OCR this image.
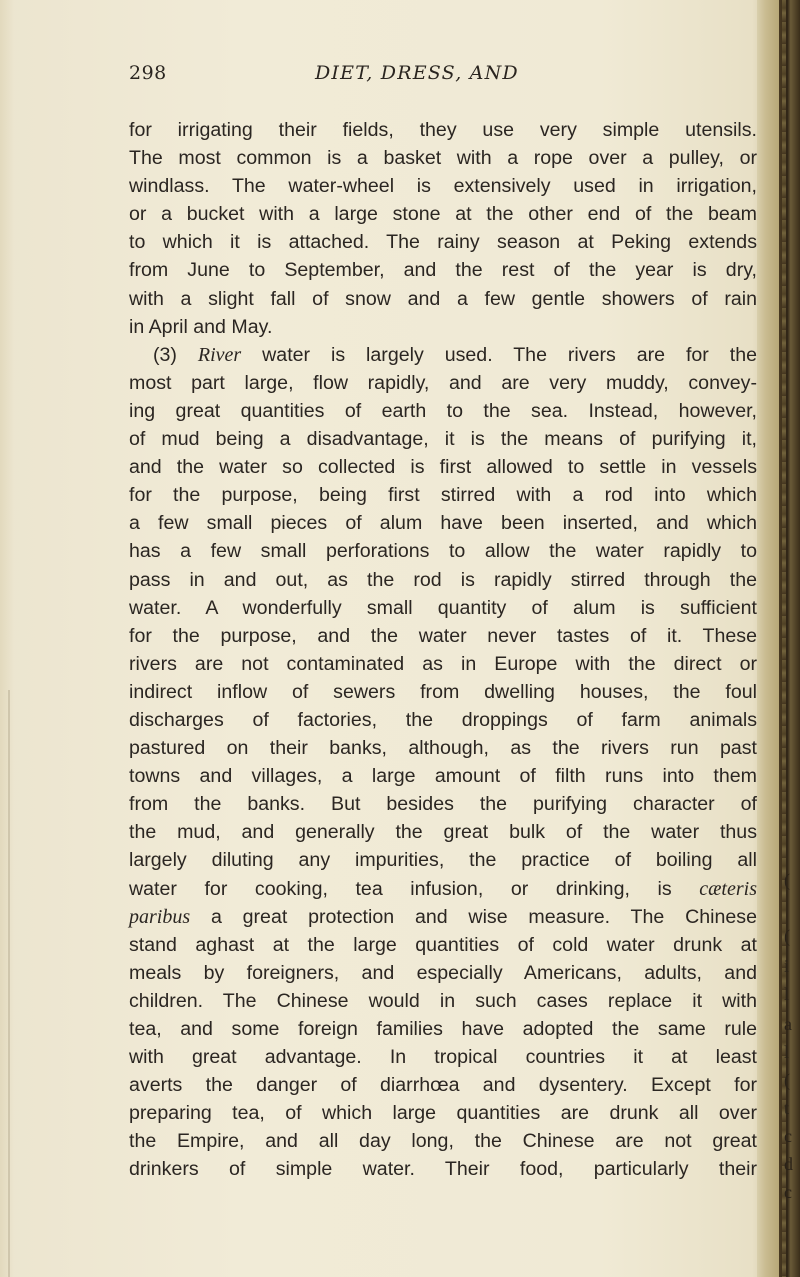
(
(
i
l
a
l
(
t
c
d
c
298	DIET, DRESS, AND
for irrigating their fields, they use very simple utensils.
The most common is a basket with a rope over a pulley, or
windlass. The water-wheel is extensively used in irrigation,
or a bucket with a large stone at the other end of the beam
to which it is attached. The rainy season at Peking extends
from June to September, and the rest of the year is dry,
with a slight fall of snow and a few gentle showers of rain
in April and May.
(3) River water is largely used. The rivers are for the
most part large, flow rapidly, and are very muddy, convey-
ing great quantities of earth to the sea. Instead, however,
of mud being a disadvantage, it is the means of purifying it,
and the water so collected is first allowed to settle in vessels
for the purpose, being first stirred with a rod into which
a few small pieces of alum have been inserted, and which
has a few small perforations to allow the water rapidly to
pass in and out, as the rod is rapidly stirred through the
water. A wonderfully small quantity of alum is sufficient
for the purpose, and the water never tastes of it. These
rivers are not contaminated as in Europe with the direct or
indirect inflow of sewers from dwelling houses, the foul
discharges of factories, the droppings of farm animals
pastured on their banks, although, as the rivers run past
towns and villages, a large amount of filth runs into them
from the banks. But besides the purifying character of
the mud, and generally the great bulk of the water thus
largely diluting any impurities, the practice of boiling all
water for cooking, tea infusion, or drinking, is cæteris
paribus a great protection and wise measure. The Chinese
stand aghast at the large quantities of cold water drunk at
meals by foreigners, and especially Americans, adults, and
children. The Chinese would in such cases replace it with
tea, and some foreign families have adopted the same rule
with great advantage. In tropical countries it at least
averts the danger of diarrhœa and dysentery. Except for
preparing tea, of which large quantities are drunk all over
the Empire, and all day long, the Chinese are not great
drinkers of simple water. Their food, particularly their
